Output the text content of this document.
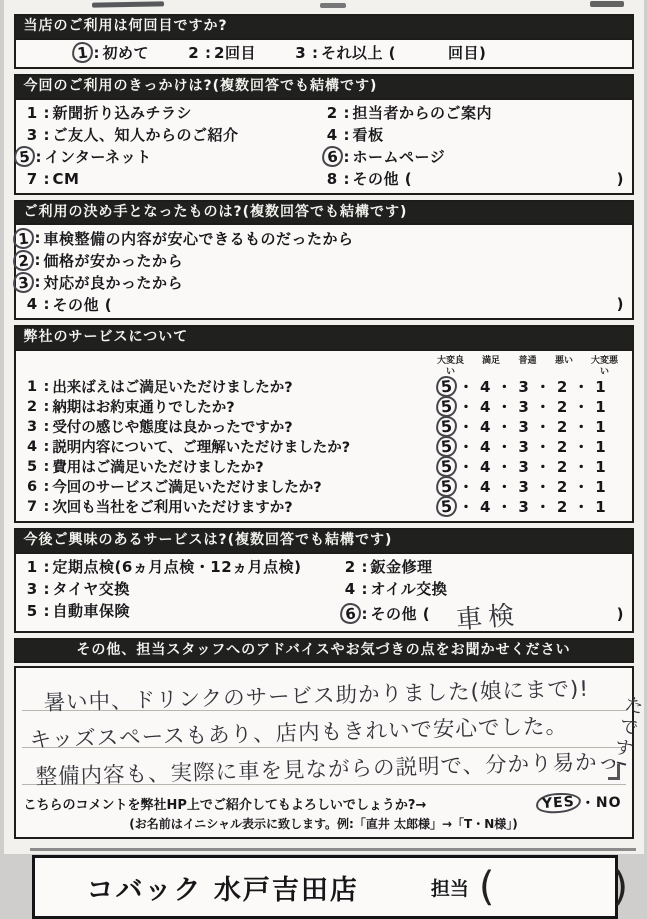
当店のご利用は何回目ですか?
1 : 初めて	2 : 2回目	3 : それ以上 (	回目)
今回のご利用のきっかけは?(複数回答でも結構です)
1 : 新聞折り込みチラシ	2 : 担当者からのご案内
3 : ご友人、知人からのご紹介	4 : 看板
5 : インターネット	6 : ホームページ
7 : CM	8 : その他 (	)
ご利用の決め手となったものは?(複数回答でも結構です)
1 : 車検整備の内容が安心できるものだったから
2 : 価格が安かったから
3 : 対応が良かったから
4 : その他 (	)
弊社のサービスについて
大変良い
満足 普通 悪い 大変悪い
1 : 出来ばえはご満足いただけましたか?	5 ・4・3・2・1
2 : 納期はお約束通りでしたか?	5 ・4・3・2・1
3 : 受付の感じや態度は良かったですか?	5 ・4・3・2・1
4 : 説明内容について、ご理解いただけましたか?	5 ・4・3・2・1
5 : 費用はご満足いただけましたか?	5 ・4・3・2・1
6 : 今回のサービスご満足いただけましたか?	5 ・4・3・2・1
7 : 次回も当社をご利用いただけますか?	5 ・4・3・2・1
今後ご興味のあるサービスは?(複数回答でも結構です)
1 : 定期点検(6ヵ月点検・12ヵ月点検)	2 : 鈑金修理
3 : タイヤ交換	4 : オイル交換
5 : 自動車保険	6 : その他 ( 車検	)
その他、担当スタッフへのアドバイスやお気づきの点をお聞かせください
暑い中、ドリンクのサービス助かりました(娘にまで)!
キッズスペースもあり、店内もきれいで安心でした。
整備内容も、実際に車を見ながらの説明で、分かり易かっ
こちらのコメントを弊社HP上でご紹介してもよろしいでしょうか?→	YES ・ NO
(お名前はイニシャル表示に致します。例:「直井 太郎様」→「T・N様」)
たです!
コバック 水戸吉田店	担当 (	)
